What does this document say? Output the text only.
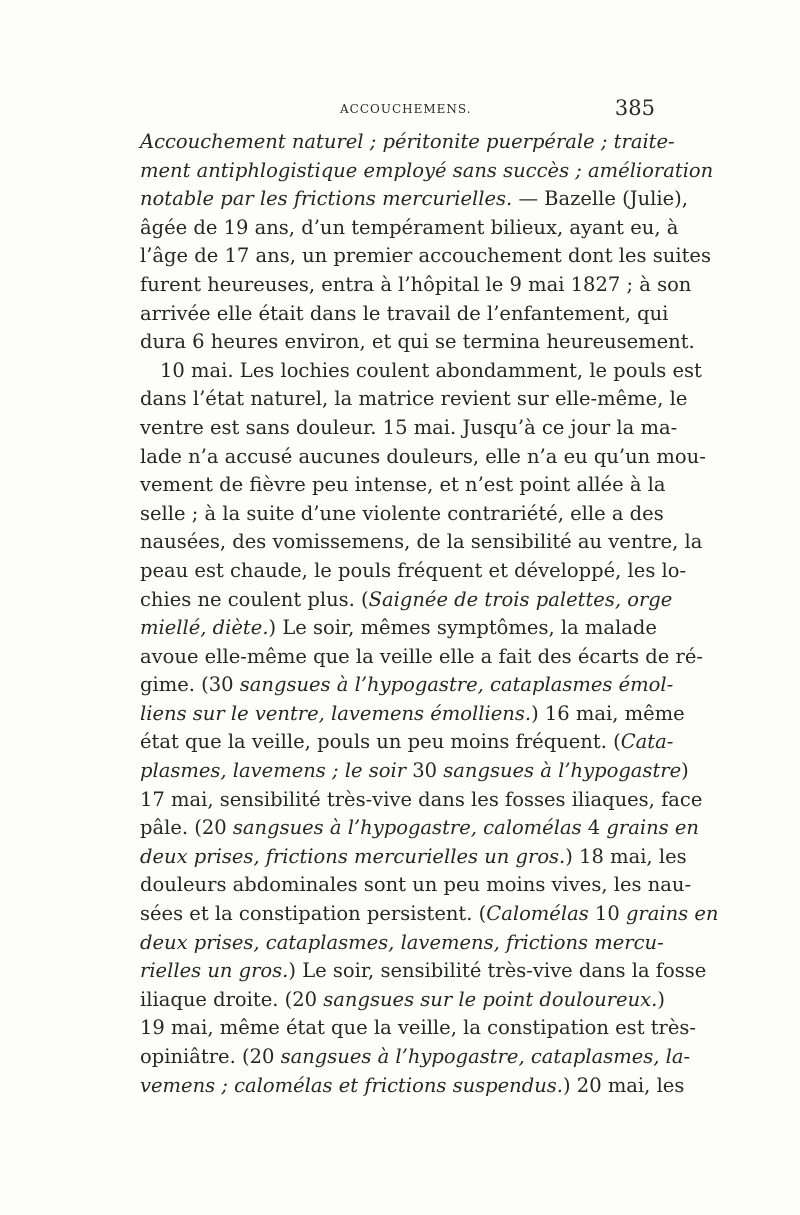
ACCOUCHEMENS.	385
Accouchement naturel ; péritonite puerpérale ; traite-
ment antiphlogistique employé sans succès ; amélioration
notable par les frictions mercurielles. — Bazelle (Julie),
âgée de 19 ans, d’un tempérament bilieux, ayant eu, à
l’âge de 17 ans, un premier accouchement dont les suites
furent heureuses, entra à l’hôpital le 9 mai 1827 ; à son
arrivée elle était dans le travail de l’enfantement, qui
dura 6 heures environ, et qui se termina heureusement.
10 mai. Les lochies coulent abondamment, le pouls est
dans l’état naturel, la matrice revient sur elle-même, le
ventre est sans douleur. 15 mai. Jusqu’à ce jour la ma-
lade n’a accusé aucunes douleurs, elle n’a eu qu’un mou-
vement de fièvre peu intense, et n’est point allée à la
selle ; à la suite d’une violente contrariété, elle a des
nausées, des vomissemens, de la sensibilité au ventre, la
peau est chaude, le pouls fréquent et développé, les lo-
chies ne coulent plus. (Saignée de trois palettes, orge
miellé, diète.) Le soir, mêmes symptômes, la malade
avoue elle-même que la veille elle a fait des écarts de ré-
gime. (30 sangsues à l’hypogastre, cataplasmes émol-
liens sur le ventre, lavemens émolliens.) 16 mai, même
état que la veille, pouls un peu moins fréquent. (Cata-
plasmes, lavemens ; le soir 30 sangsues à l’hypogastre)
17 mai, sensibilité très-vive dans les fosses iliaques, face
pâle. (20 sangsues à l’hypogastre, calomélas 4 grains en
deux prises, frictions mercurielles un gros.) 18 mai, les
douleurs abdominales sont un peu moins vives, les nau-
sées et la constipation persistent. (Calomélas 10 grains en
deux prises, cataplasmes, lavemens, frictions mercu-
rielles un gros.) Le soir, sensibilité très-vive dans la fosse
iliaque droite. (20 sangsues sur le point douloureux.)
19 mai, même état que la veille, la constipation est très-
opiniâtre. (20 sangsues à l’hypogastre, cataplasmes, la-
vemens ; calomélas et frictions suspendus.) 20 mai, les
